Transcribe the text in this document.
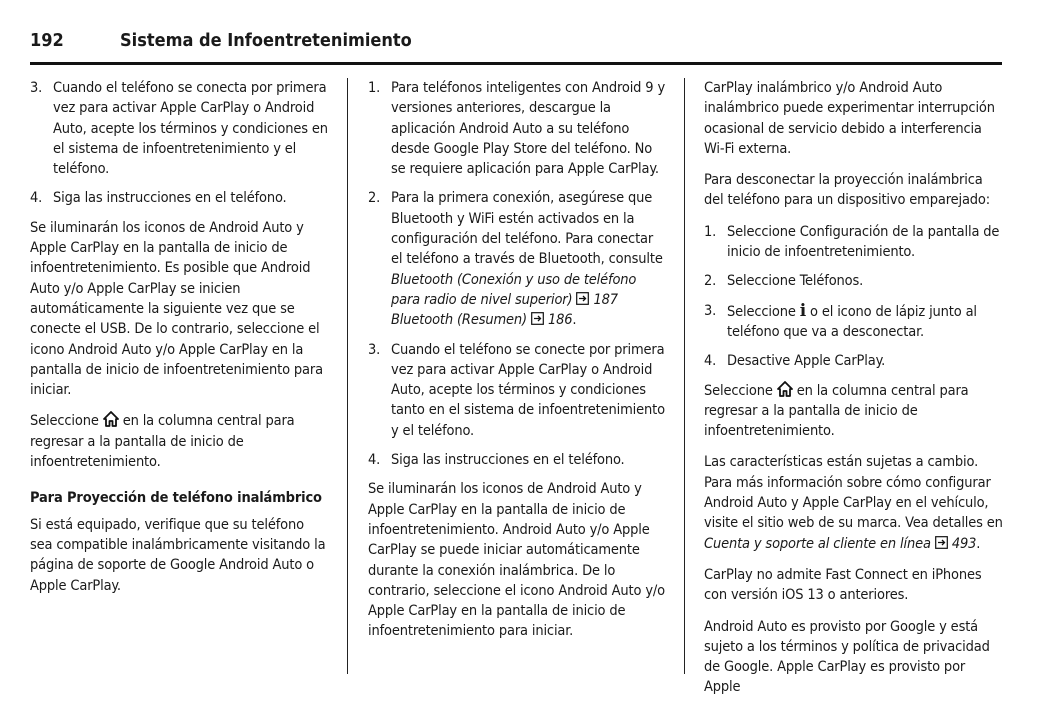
192	Sistema de Infoentretenimiento
3. Cuando el teléfono se conecta por primera vez para activar Apple CarPlay o Android Auto, acepte los términos y condiciones en el sistema de infoentretenimiento y el teléfono.
4. Siga las instrucciones en el teléfono.

Se iluminarán los iconos de Android Auto y Apple CarPlay en la pantalla de inicio de infoentretenimiento. Es posible que Android Auto y/o Apple CarPlay se inicien automáticamente la siguiente vez que se conecte el USB. De lo contrario, seleccione el icono Android Auto y/o Apple CarPlay en la pantalla de inicio de infoentretenimiento para iniciar.

Seleccione en la columna central para regresar a la pantalla de inicio de infoentretenimiento.

Para Proyección de teléfono inalámbrico

Si está equipado, verifique que su teléfono sea compatible inalámbricamente visitando la página de soporte de Google Android Auto o Apple CarPlay.

1. Para teléfonos inteligentes con Android 9 y versiones anteriores, descargue la aplicación Android Auto a su teléfono desde Google Play Store del teléfono. No se requiere aplicación para Apple CarPlay.
2. Para la primera conexión, asegúrese que Bluetooth y WiFi estén activados en la configuración del teléfono. Para conectar el teléfono a través de Bluetooth, consulte Bluetooth (Conexión y uso de teléfono para radio de nivel superior) 187 Bluetooth (Resumen) 186.
3. Cuando el teléfono se conecte por primera vez para activar Apple CarPlay o Android Auto, acepte los términos y condiciones tanto en el sistema de infoentretenimiento y el teléfono.
4. Siga las instrucciones en el teléfono.

Se iluminarán los iconos de Android Auto y Apple CarPlay en la pantalla de inicio de infoentretenimiento. Android Auto y/o Apple CarPlay se puede iniciar automáticamente durante la conexión inalámbrica. De lo contrario, seleccione el icono Android Auto y/o Apple CarPlay en la pantalla de inicio de infoentretenimiento para iniciar.

CarPlay inalámbrico y/o Android Auto inalámbrico puede experimentar interrupción ocasional de servicio debido a interferencia Wi-Fi externa.

Para desconectar la proyección inalámbrica del teléfono para un dispositivo emparejado:

1. Seleccione Configuración de la pantalla de inicio de infoentretenimiento.
2. Seleccione Teléfonos.
3. Seleccione i o el icono de lápiz junto al teléfono que va a desconectar.
4. Desactive Apple CarPlay.

Seleccione en la columna central para regresar a la pantalla de inicio de infoentretenimiento.

Las características están sujetas a cambio. Para más información sobre cómo configurar Android Auto y Apple CarPlay en el vehículo, visite el sitio web de su marca. Vea detalles en Cuenta y soporte al cliente en línea 493.

CarPlay no admite Fast Connect en iPhones con versión iOS 13 o anteriores.

Android Auto es provisto por Google y está sujeto a los términos y política de privacidad de Google. Apple CarPlay es provisto por Apple
